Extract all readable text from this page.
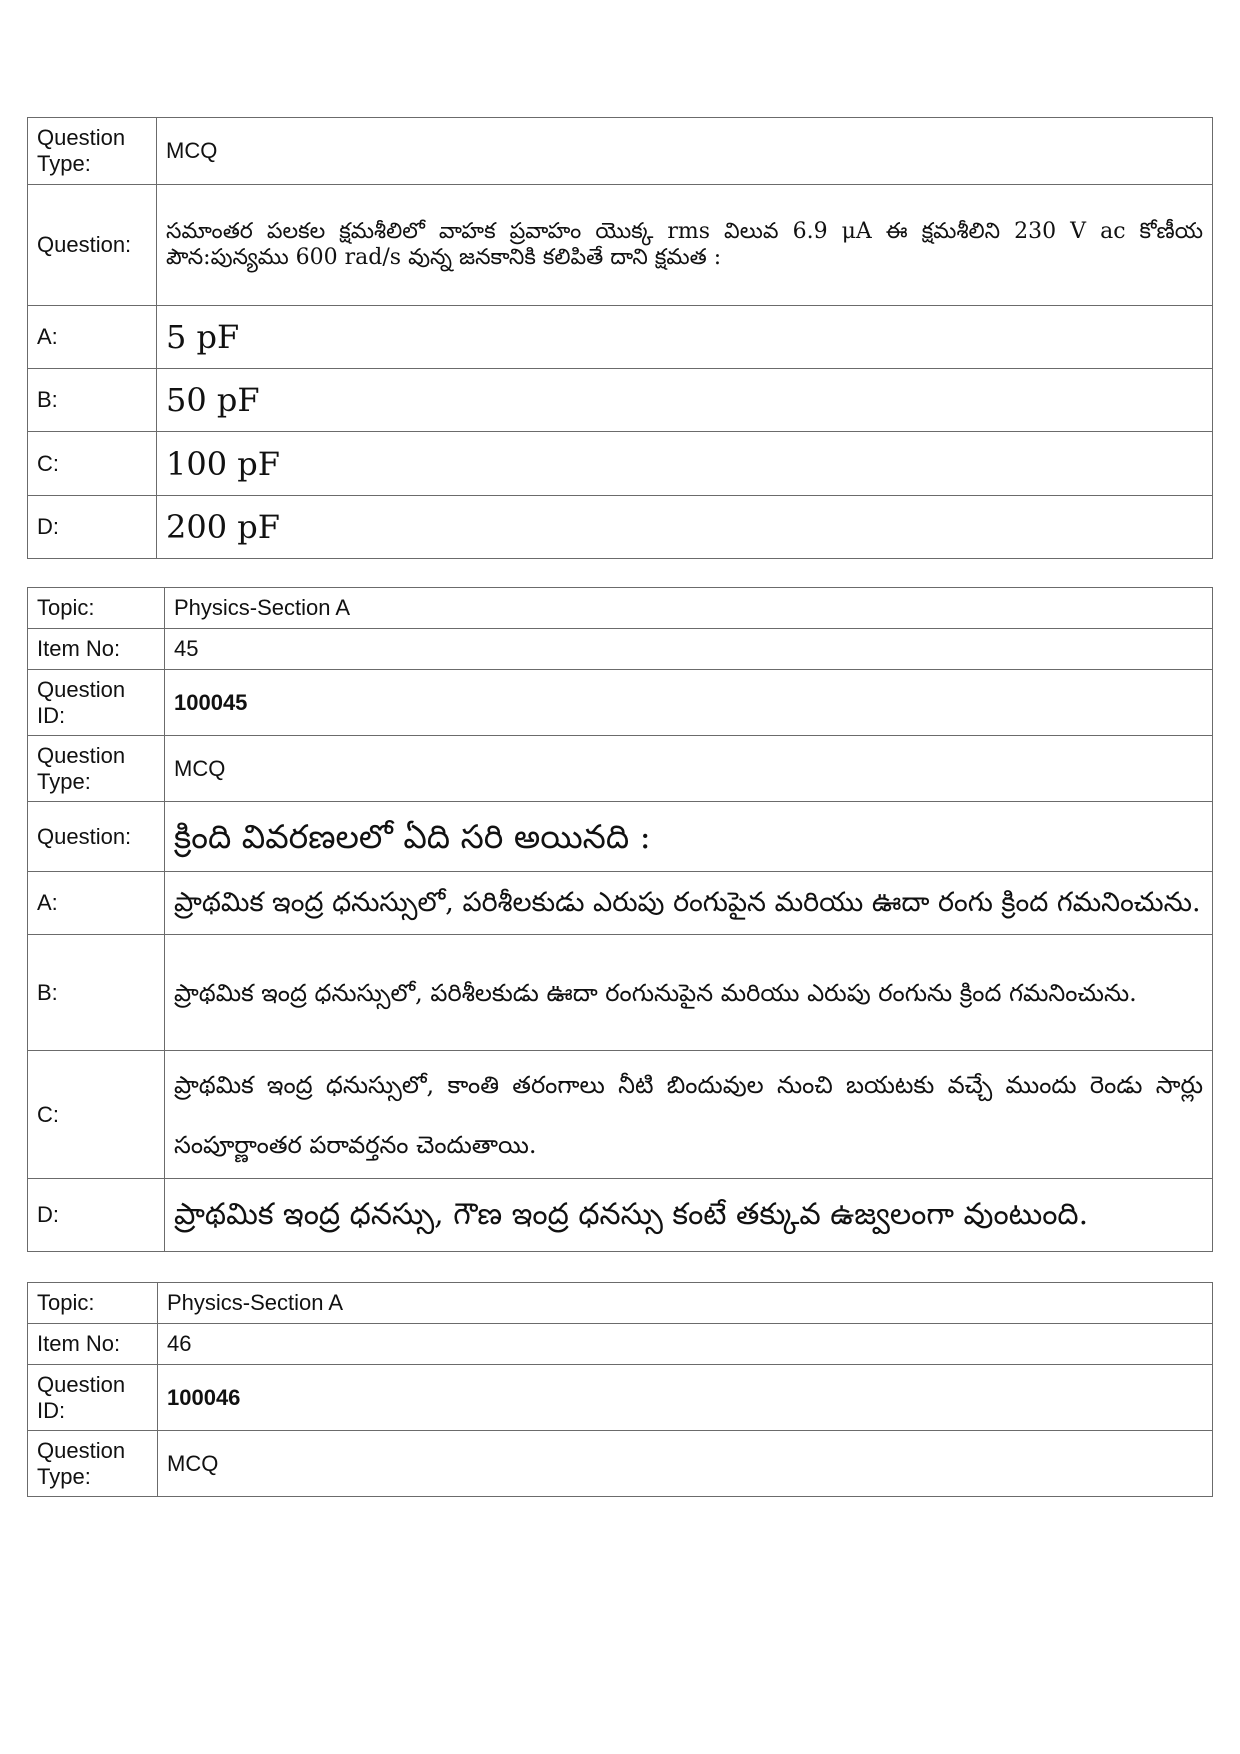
Question Type:	MCQ
Question:	సమాంతర పలకల క్షమశీలిలో వాహక ప్రవాహం యొక్క rms విలువ 6.9 μA ఈ క్షమశీలిని 230 V ac కోణీయ పౌన:పున్యము 600 rad/s వున్న జనకానికి కలిపితే దాని క్షమత :
A:	5 pF
B:	50 pF
C:	100 pF
D:	200 pF
Topic:	Physics-Section A
Item No:	45
Question ID:	100045
Question Type:	MCQ
Question:	క్రింది వివరణలలో ఏది సరి అయినది :
A:	ప్రాథమిక ఇంద్ర ధనుస్సులో, పరిశీలకుడు ఎరుపు రంగుపైన మరియు ఊదా రంగు క్రింద గమనించును.
B:	ప్రాథమిక ఇంద్ర ధనుస్సులో, పరిశీలకుడు ఊదా రంగునుపైన మరియు ఎరుపు రంగును క్రింద గమనించును.
C:	ప్రాథమిక ఇంద్ర ధనుస్సులో, కాంతి తరంగాలు నీటి బిందువుల నుంచి బయటకు వచ్చే ముందు రెండు సార్లు సంపూర్ణాంతర పరావర్తనం చెందుతాయి.
D:	ప్రాథమిక ఇంద్ర ధనస్సు, గౌణ ఇంద్ర ధనస్సు కంటే తక్కువ ఉజ్వలంగా వుంటుంది.
Topic:	Physics-Section A
Item No:	46
Question ID:	100046
Question Type:	MCQ
